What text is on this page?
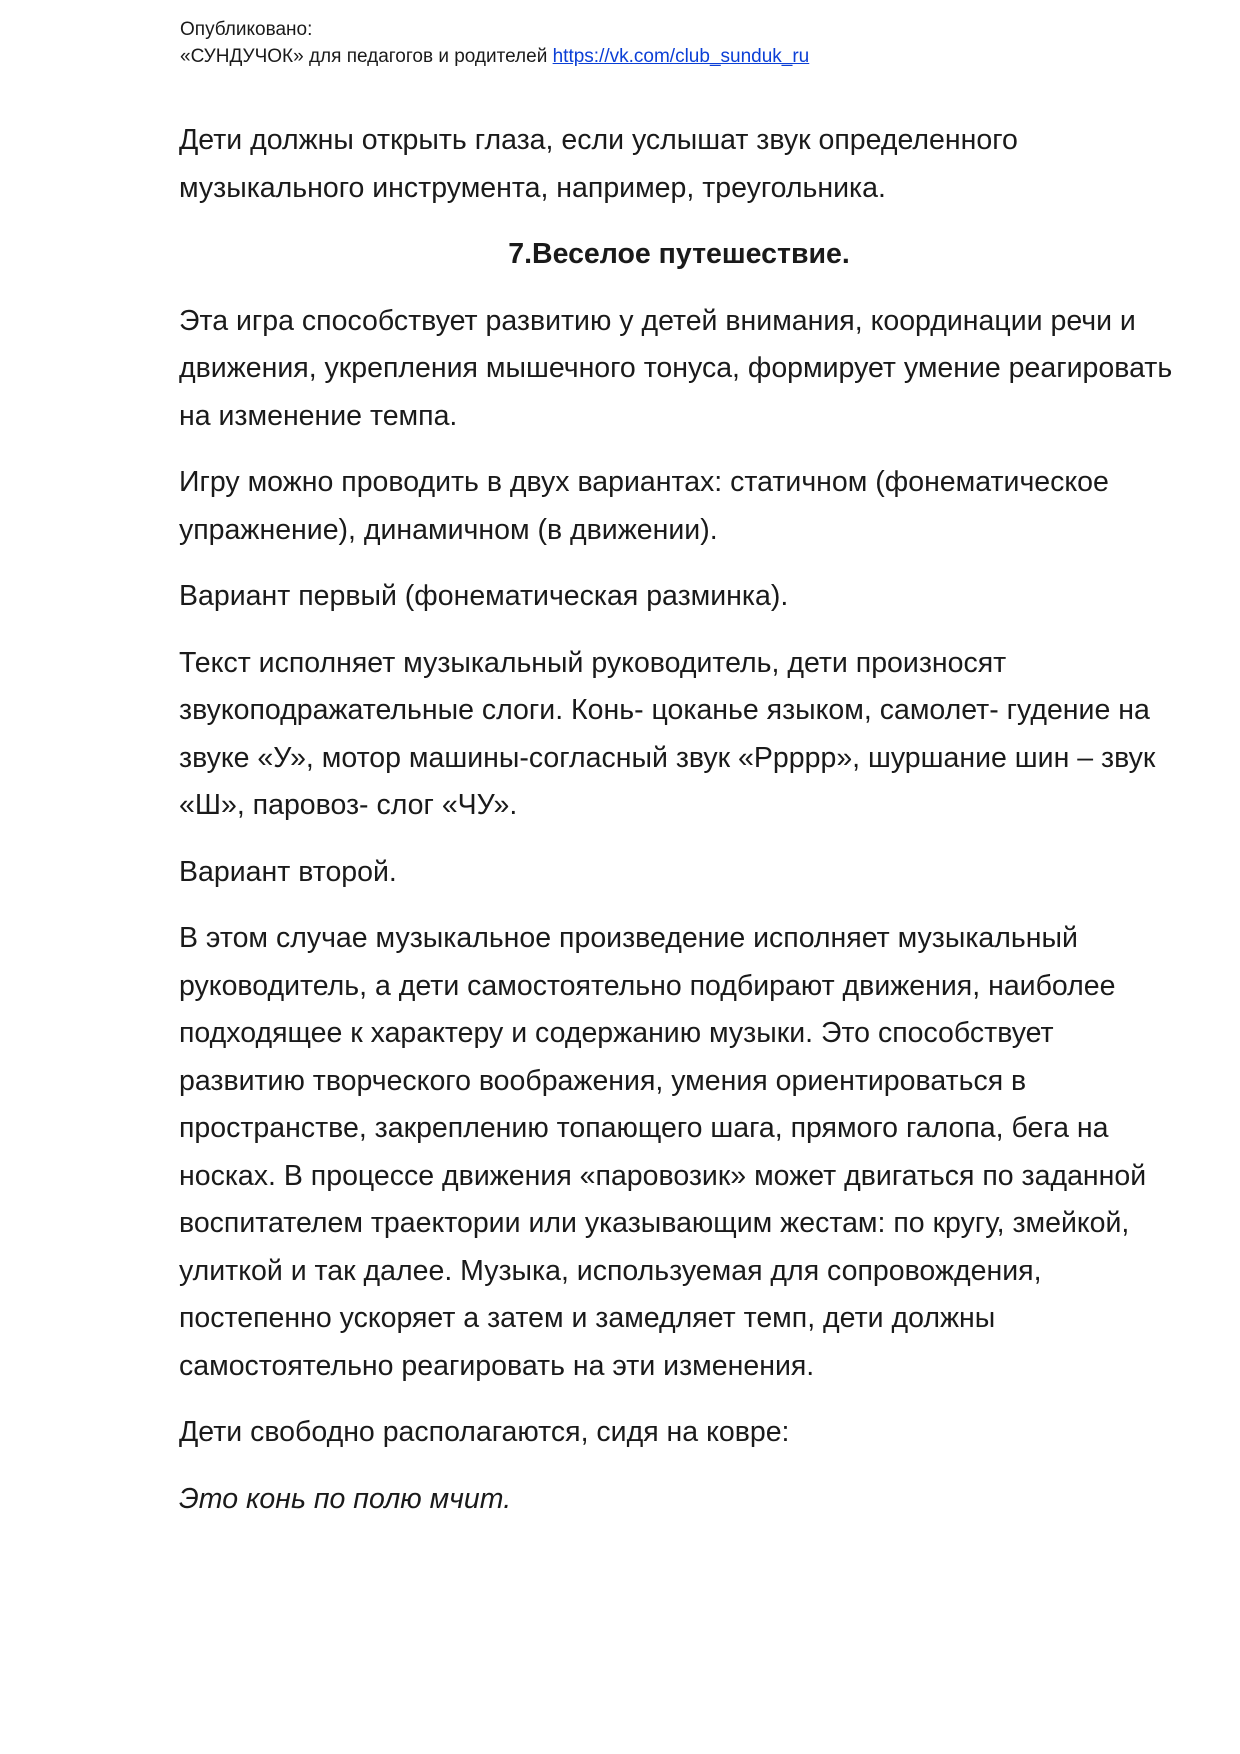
Опубликовано:
«СУНДУЧОК» для педагогов и родителей https://vk.com/club_sunduk_ru

Дети должны открыть глаза, если услышат звук определенного музыкального инструмента, например, треугольника.

7.Веселое путешествие.

Эта игра способствует развитию у детей внимания, координации речи и движения, укрепления мышечного тонуса, формирует умение реагировать на изменение темпа.

Игру можно проводить в двух вариантах: статичном (фонематическое упражнение), динамичном (в движении).

Вариант первый (фонематическая разминка).

Текст исполняет музыкальный руководитель, дети произносят звукоподражательные слоги. Конь- цоканье языком, самолет- гудение на звуке «У», мотор машины-согласный звук «Ррррр», шуршание шин – звук «Ш», паровоз- слог «ЧУ».

Вариант второй.

В этом случае музыкальное произведение исполняет музыкальный руководитель, а дети самостоятельно подбирают движения, наиболее подходящее к характеру и содержанию музыки. Это способствует развитию творческого воображения, умения ориентироваться в пространстве, закреплению топающего шага, прямого галопа, бега на носках. В процессе движения «паровозик» может двигаться по заданной воспитателем траектории или указывающим жестам: по кругу, змейкой, улиткой и так далее. Музыка, используемая для сопровождения, постепенно ускоряет а затем и замедляет темп, дети должны самостоятельно реагировать на эти изменения.

Дети свободно располагаются, сидя на ковре:

Это конь по полю мчит.
